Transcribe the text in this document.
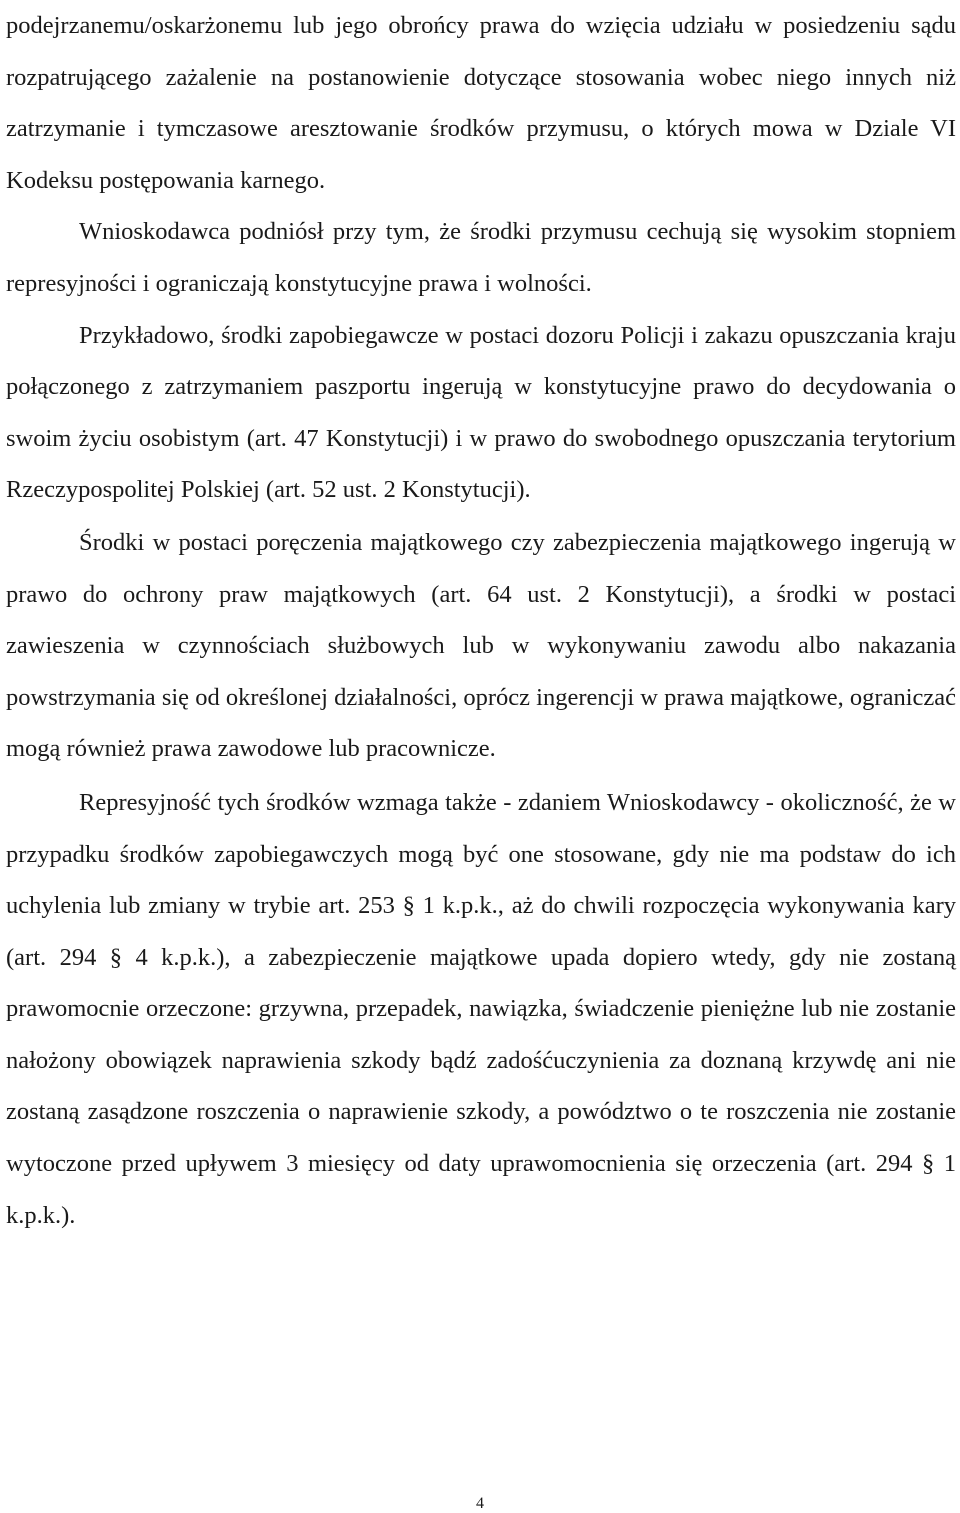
podejrzanemu/oskarżonemu lub jego obrońcy prawa do wzięcia udziału w posiedzeniu sądu rozpatrującego zażalenie na postanowienie dotyczące stosowania wobec niego innych niż zatrzymanie i tymczasowe aresztowanie środków przymusu, o których mowa w Dziale VI Kodeksu postępowania karnego.

Wnioskodawca podniósł przy tym, że środki przymusu cechują się wysokim stopniem represyjności i ograniczają konstytucyjne prawa i wolności.

Przykładowo, środki zapobiegawcze w postaci dozoru Policji i zakazu opuszczania kraju połączonego z zatrzymaniem paszportu ingerują w konstytucyjne prawo do decydowania o swoim życiu osobistym (art. 47 Konstytucji) i w prawo do swobodnego opuszczania terytorium Rzeczypospolitej Polskiej (art. 52 ust. 2 Konstytucji).

Środki w postaci poręczenia majątkowego czy zabezpieczenia majątkowego ingerują w prawo do ochrony praw majątkowych (art. 64 ust. 2 Konstytucji), a środki w postaci zawieszenia w czynnościach służbowych lub w wykonywaniu zawodu albo nakazania powstrzymania się od określonej działalności, oprócz ingerencji w prawa majątkowe, ograniczać mogą również prawa zawodowe lub pracownicze.

Represyjność tych środków wzmaga także - zdaniem Wnioskodawcy - okoliczność, że w przypadku środków zapobiegawczych mogą być one stosowane, gdy nie ma podstaw do ich uchylenia lub zmiany w trybie art. 253 § 1 k.p.k., aż do chwili rozpoczęcia wykonywania kary (art. 294 § 4 k.p.k.), a zabezpieczenie majątkowe upada dopiero wtedy, gdy nie zostaną prawomocnie orzeczone: grzywna, przepadek, nawiązka, świadczenie pieniężne lub nie zostanie nałożony obowiązek naprawienia szkody bądź zadośćuczynienia za doznaną krzywdę ani nie zostaną zasądzone roszczenia o naprawienie szkody, a powództwo o te roszczenia nie zostanie wytoczone przed upływem 3 miesięcy od daty uprawomocnienia się orzeczenia (art. 294 § 1 k.p.k.).

4
